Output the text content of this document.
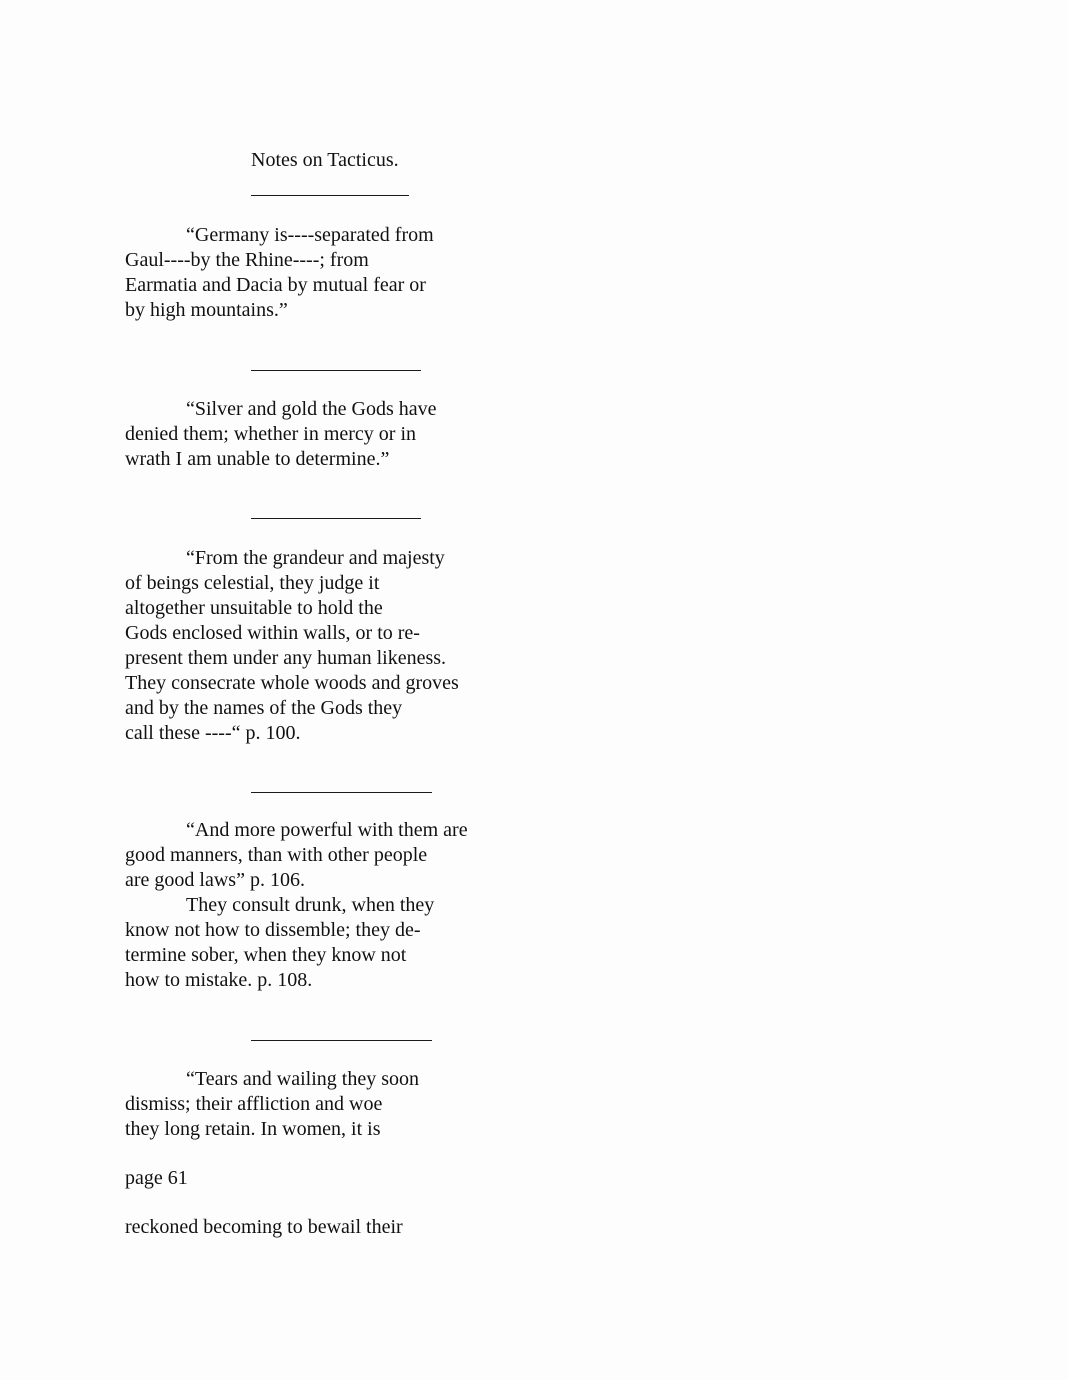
Notes on Tacticus.
“Germany is----separated from
Gaul----by the Rhine----; from
Earmatia and Dacia by mutual fear or
by high mountains.”
“Silver and gold the Gods have
denied them; whether in mercy or in
wrath I am unable to determine.”
“From the grandeur and majesty
of beings celestial, they judge it
altogether unsuitable to hold the
Gods enclosed within walls, or to re-
present them under any human likeness.
They consecrate whole woods and groves
and by the names of the Gods they
call these ----“ p. 100.
“And more powerful with them are
good manners, than with other people
are good laws” p. 106.
They consult drunk, when they
know not how to dissemble; they de-
termine sober, when they know not
how to mistake. p. 108.
“Tears and wailing they soon
dismiss; their affliction and woe
they long retain. In women, it is
page 61
reckoned becoming to bewail their
